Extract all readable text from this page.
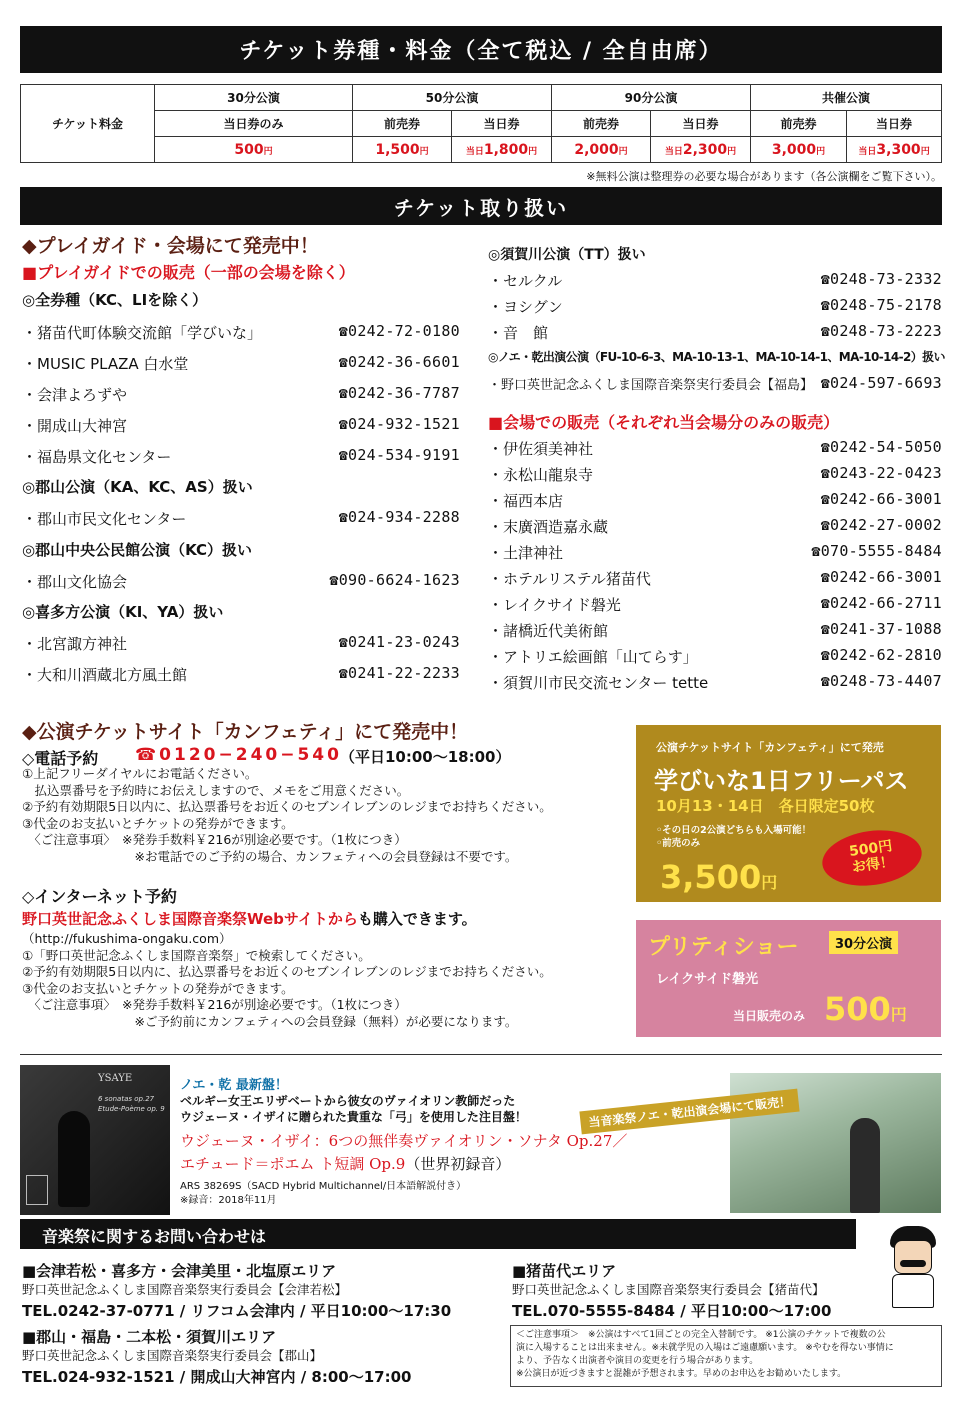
チケット券種・料金（全て税込 / 全自由席）
チケット料金	30分公演	50分公演		90分公演		共催公演	
	当日券のみ	前売券	当日券	前売券	当日券	前売券	当日券
	500円	1,500円	当日1,800円	2,000円	当日2,300円	3,000円	当日3,300円
※無料公演は整理券の必要な場合があります（各公演欄をご覧下さい）。
チケット取り扱い
◆プレイガイド・会場にて発売中！
■プレイガイドでの販売（一部の会場を除く）
◎全券種（KC、LIを除く）
・猪苗代町体験交流館「学びいな」	☎0242-72-0180
・MUSIC PLAZA 白水堂	☎0242-36-6601
・会津よろずや	☎0242-36-7787
・開成山大神宮	☎024-932-1521
・福島県文化センター	☎024-534-9191
◎郡山公演（KA、KC、AS）扱い
・郡山市民文化センター	☎024-934-2288
◎郡山中央公民館公演（KC）扱い
・郡山文化協会	☎090-6624-1623
◎喜多方公演（KI、YA）扱い
・北宮諏方神社	☎0241-23-0243
・大和川酒蔵北方風土館	☎0241-22-2233
◎須賀川公演（TT）扱い
・セルクル	☎0248-73-2332
・ヨシグン	☎0248-75-2178
・音　館	☎0248-73-2223
・野口英世記念ふくしま国際音楽祭実行委員会【福島】 ☎024-597-6693
・伊佐須美神社	☎0242-54-5050
・永松山龍泉寺	☎0243-22-0423
・福西本店	☎0242-66-3001
・末廣酒造嘉永蔵	☎0242-27-0002
・土津神社	☎070-5555-8484
・ホテルリステル猪苗代	☎0242-66-3001
・レイクサイド磐光	☎0242-66-2711
・諸橋近代美術館	☎0241-37-1088
・アトリエ絵画館「山てらす」	☎0242-62-2810
・須賀川市民交流センター tette	☎0248-73-4407
◎ノエ・乾出演公演（FU-10-6-3、MA-10-13-1、MA-10-14-1、MA-10-14-2）扱い
■会場での販売（それぞれ当会場分のみの販売）
◆公演チケットサイト「カンフェティ」にて発売中！
◇電話予約 ☎0120−240−540
（平日10:00〜18:00）
①上記フリーダイヤルにお電話ください。
　払込票番号を予約時にお伝えしますので、メモをご用意ください。
②予約有効期限5日以内に、払込票番号をお近くのセブンイレブンのレジまでお持ちください。
③代金のお支払いとチケットの発券ができます。
　〈ご注意事項〉　※発券手数料￥216が別途必要です。（1枚につき）
　　　　　　　　　※お電話でのご予約の場合、カンフェティへの会員登録は不要です。
◇インターネット予約
野口英世記念ふくしま国際音楽祭Webサイトからも購入できます。
（http://fukushima-ongaku.com）
①「野口英世記念ふくしま国際音楽祭」で検索してください。
②予約有効期限5日以内に、払込票番号をお近くのセブンイレブンのレジまでお持ちください。
③代金のお支払いとチケットの発券ができます。
　〈ご注意事項〉　※発券手数料￥216が別途必要です。（1枚につき）
　　　　　　　　　※ご予約前にカンフェティへの会員登録（無料）が必要になります。
公演チケットサイト「カンフェティ」にて発売
学びいな1日フリーパス
10月13・14日　各日限定50枚
◦その日の2公演どちらも入場可能！
◦前売のみ
3,500円
500円
お得！
プリティショー	30分公演
レイクサイド磐光
当日販売のみ 500円
YSAYE
6 sonatas op.27
Etude-Poème op. 9
ノエ・乾 最新盤！
ベルギー女王エリザベートから彼女のヴァイオリン教師だった
ウジェーヌ・イザイに贈られた貴重な「弓」を使用した注目盤！
ウジェーヌ・イザイ：6つの無伴奏ヴァイオリン・ソナタ Op.27／
エチュード＝ポエム ト短調 Op.9（世界初録音）
ARS 38269S（SACD Hybrid Multichannel/日本語解説付き）
※録音：2018年11月
当音楽祭ノエ・乾出演会場にて販売！
音楽祭に関するお問い合わせは
■会津若松・喜多方・会津美里・北塩原エリア
野口英世記念ふくしま国際音楽祭実行委員会【会津若松】
TEL.0242-37-0771 / リフコム会津内 / 平日10:00〜17:30
■郡山・福島・二本松・須賀川エリア
野口英世記念ふくしま国際音楽祭実行委員会【郡山】
TEL.024-932-1521 / 開成山大神宮内 / 8:00〜17:00
■猪苗代エリア
野口英世記念ふくしま国際音楽祭実行委員会【猪苗代】
TEL.070-5555-8484 / 平日10:00〜17:00
＜ご注意事項＞　※公演はすべて1回ごとの完全入替制です。 ※1公演のチケットで複数の公
演に入場することは出来ません。※未就学児の入場はご遠慮願います。 ※やむを得ない事情に
より、予告なく出演者や演目の変更を行う場合があります。
※公演日が近づきますと混雑が予想されます。早めのお申込をお勧めいたします。
